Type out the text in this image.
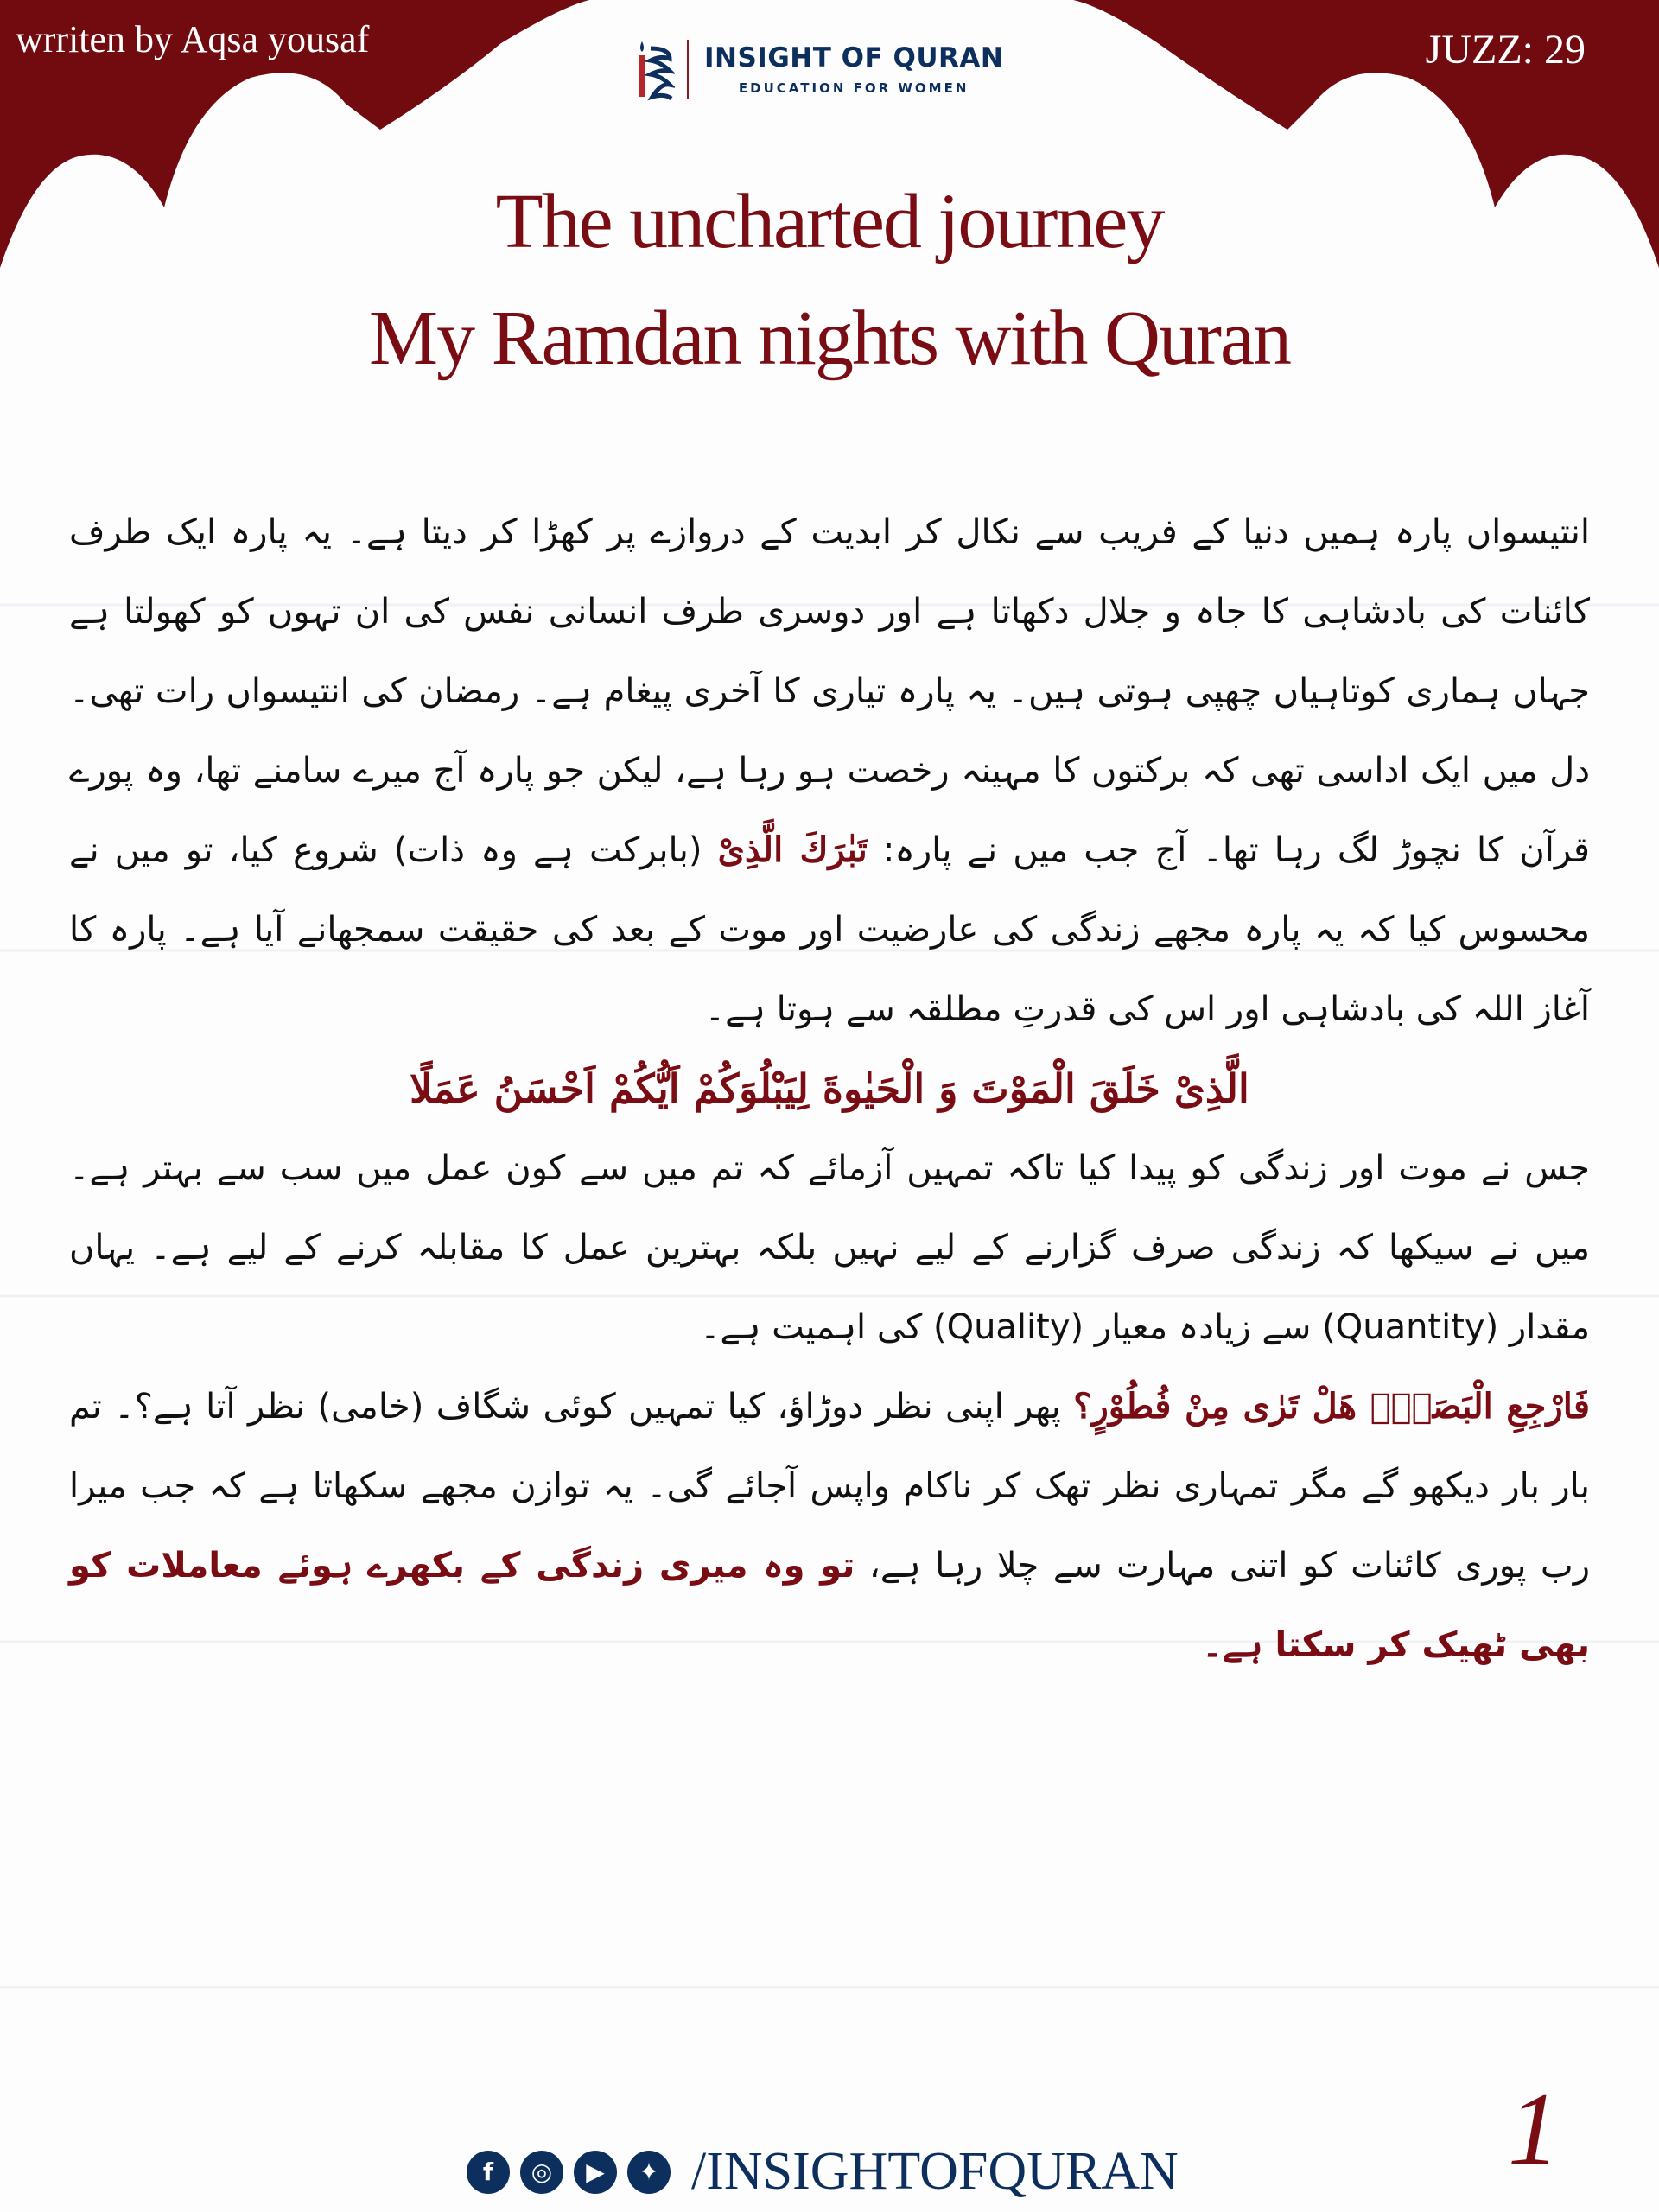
wrriten by Aqsa yousaf	JUZZ: 29
INSIGHT OF QURAN
EDUCATION FOR WOMEN
The uncharted journey
My Ramdan nights with Quran

انتیسواں پارہ ہمیں دنیا کے فریب سے نکال کر ابدیت کے دروازے پر کھڑا کر دیتا ہے۔ یہ پارہ ایک طرف کائنات کی بادشاہی کا جاہ و جلال دکھاتا ہے اور دوسری طرف انسانی نفس کی ان تہوں کو کھولتا ہے جہاں ہماری کوتاہیاں چھپی ہوتی ہیں۔ یہ پارہ تیاری کا آخری پیغام ہے۔ رمضان کی انتیسواں رات تھی۔ دل میں ایک اداسی تھی کہ برکتوں کا مہینہ رخصت ہو رہا ہے، لیکن جو پارہ آج میرے سامنے تھا، وہ پورے قرآن کا نچوڑ لگ رہا تھا۔ آج جب میں نے پارہ: تَبٰرَكَ الَّذِیْ (بابرکت ہے وہ ذات) شروع کیا، تو میں نے محسوس کیا کہ یہ پارہ مجھے زندگی کی عارضیت اور موت کے بعد کی حقیقت سمجھانے آیا ہے۔ پارہ کا آغاز اللہ کی بادشاہی اور اس کی قدرتِ مطلقہ سے ہوتا ہے۔

الَّذِیْ خَلَقَ الْمَوْتَ وَ الْحَیٰوةَ لِیَبْلُوَكُمْ اَیُّكُمْ اَحْسَنُ عَمَلًا

جس نے موت اور زندگی کو پیدا کیا تاکہ تمہیں آزمائے کہ تم میں سے کون عمل میں سب سے بہتر ہے۔ میں نے سیکھا کہ زندگی صرف گزارنے کے لیے نہیں بلکہ بہترین عمل کا مقابلہ کرنے کے لیے ہے۔ یہاں مقدار (Quantity) سے زیادہ معیار (Quality) کی اہمیت ہے۔

فَارْجِعِ الْبَصَرَۙ هَلْ تَرٰى مِنْ فُطُوْرٍ؟ پھر اپنی نظر دوڑاؤ، کیا تمہیں کوئی شگاف (خامی) نظر آتا ہے؟۔ تم بار بار دیکھو گے مگر تمہاری نظر تھک کر ناکام واپس آجائے گی۔ یہ توازن مجھے سکھاتا ہے کہ جب میرا رب پوری کائنات کو اتنی مہارت سے چلا رہا ہے، تو وہ میری زندگی کے بکھرے ہوئے معاملات کو بھی ٹھیک کر سکتا ہے۔

f	◎	▶	✦ /INSIGHTOFQURAN	1
